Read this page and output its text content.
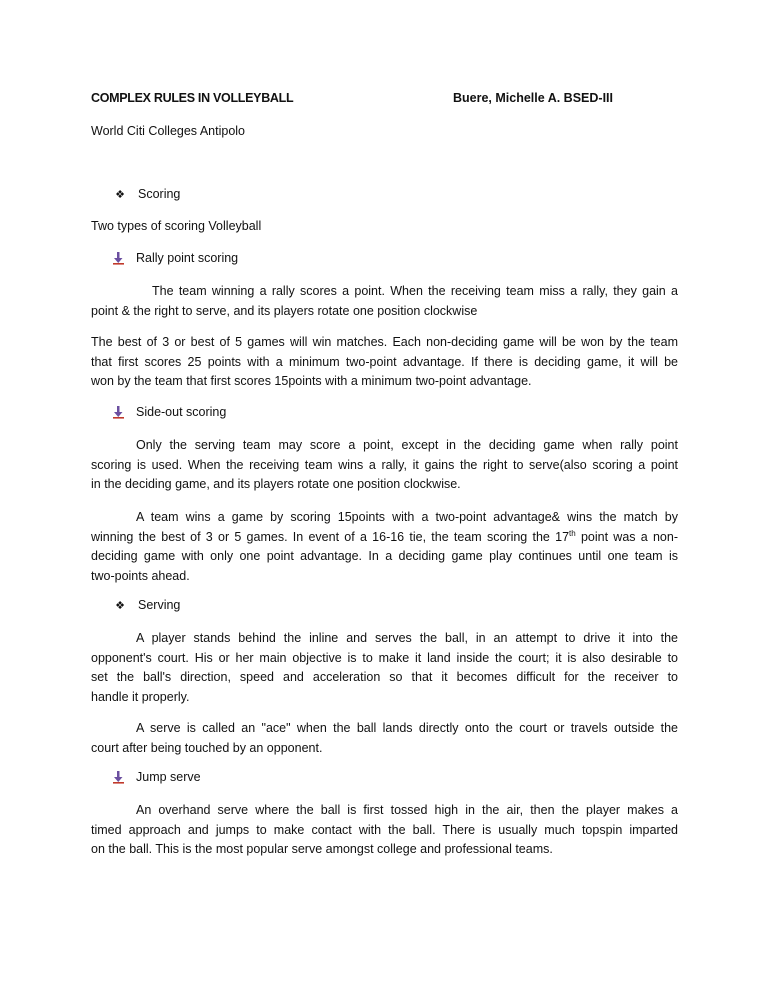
COMPLEX RULES IN VOLLEYBALL	Buere, Michelle A. BSED-III
World Citi Colleges Antipolo
❖ Scoring
Two types of scoring Volleyball
Rally point scoring
The team winning a rally scores a point. When the receiving team miss a rally, they gain a
point & the right to serve, and its players rotate one position clockwise
The best of 3 or best of 5 games will win matches. Each non-deciding game will be won by the team
that first scores 25 points with a minimum two-point advantage. If there is deciding game, it will be
won by the team that first scores 15points with a minimum two-point advantage.
Side-out scoring
Only the serving team may score a point, except in the deciding game when rally point
scoring is used. When the receiving team wins a rally, it gains the right to serve(also scoring a point
in the deciding game, and its players rotate one position clockwise.
A team wins a game by scoring 15points with a two-point advantage& wins the match by
winning the best of 3 or 5 games. In event of a 16-16 tie, the team scoring the 17th point was a non-
deciding game with only one point advantage. In a deciding game play continues until one team is
two-points ahead.
❖ Serving
A player stands behind the inline and serves the ball, in an attempt to drive it into the
opponent's court. His or her main objective is to make it land inside the court; it is also desirable to
set the ball's direction, speed and acceleration so that it becomes difficult for the receiver to
handle it properly.
A serve is called an "ace" when the ball lands directly onto the court or travels outside the
court after being touched by an opponent.
Jump serve
An overhand serve where the ball is first tossed high in the air, then the player makes a
timed approach and jumps to make contact with the ball. There is usually much topspin imparted
on the ball. This is the most popular serve amongst college and professional teams.
